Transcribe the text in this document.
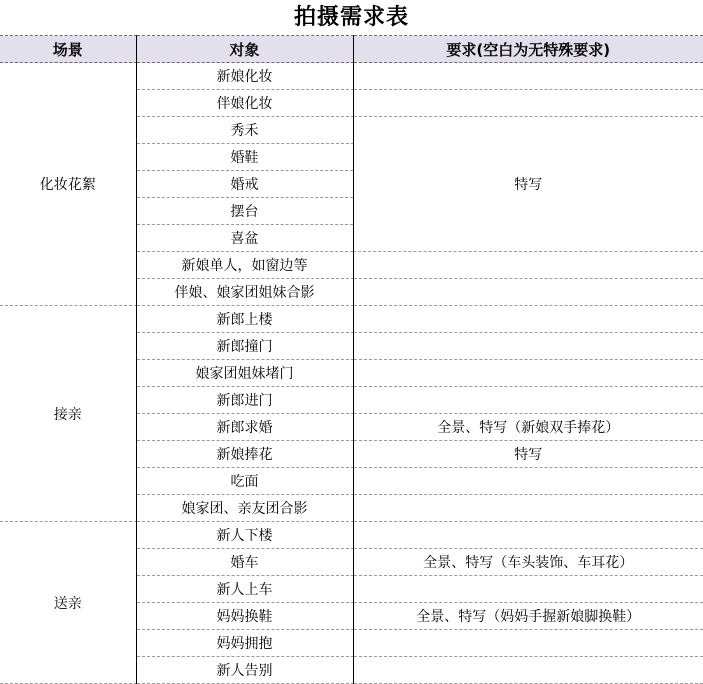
拍摄需求表
场景	对象	要求(空白为无特殊要求)
化妆花絮	新娘化妆	
	伴娘化妆	
	秀禾	特写
	婚鞋	
	婚戒	
	摆台	
	喜盆	
	新娘单人，如窗边等	
	伴娘、娘家团姐妹合影	
接亲	新郎上楼	
	新郎撞门	
	娘家团姐妹堵门	
	新郎进门	
	新郎求婚	全景、特写（新娘双手捧花）
	新娘捧花	特写
	吃面	
	娘家团、亲友团合影	
送亲	新人下楼	
	婚车	全景、特写（车头装饰、车耳花）
	新人上车	
	妈妈换鞋	全景、特写（妈妈手握新娘脚换鞋）
	妈妈拥抱	
	新人告别	
